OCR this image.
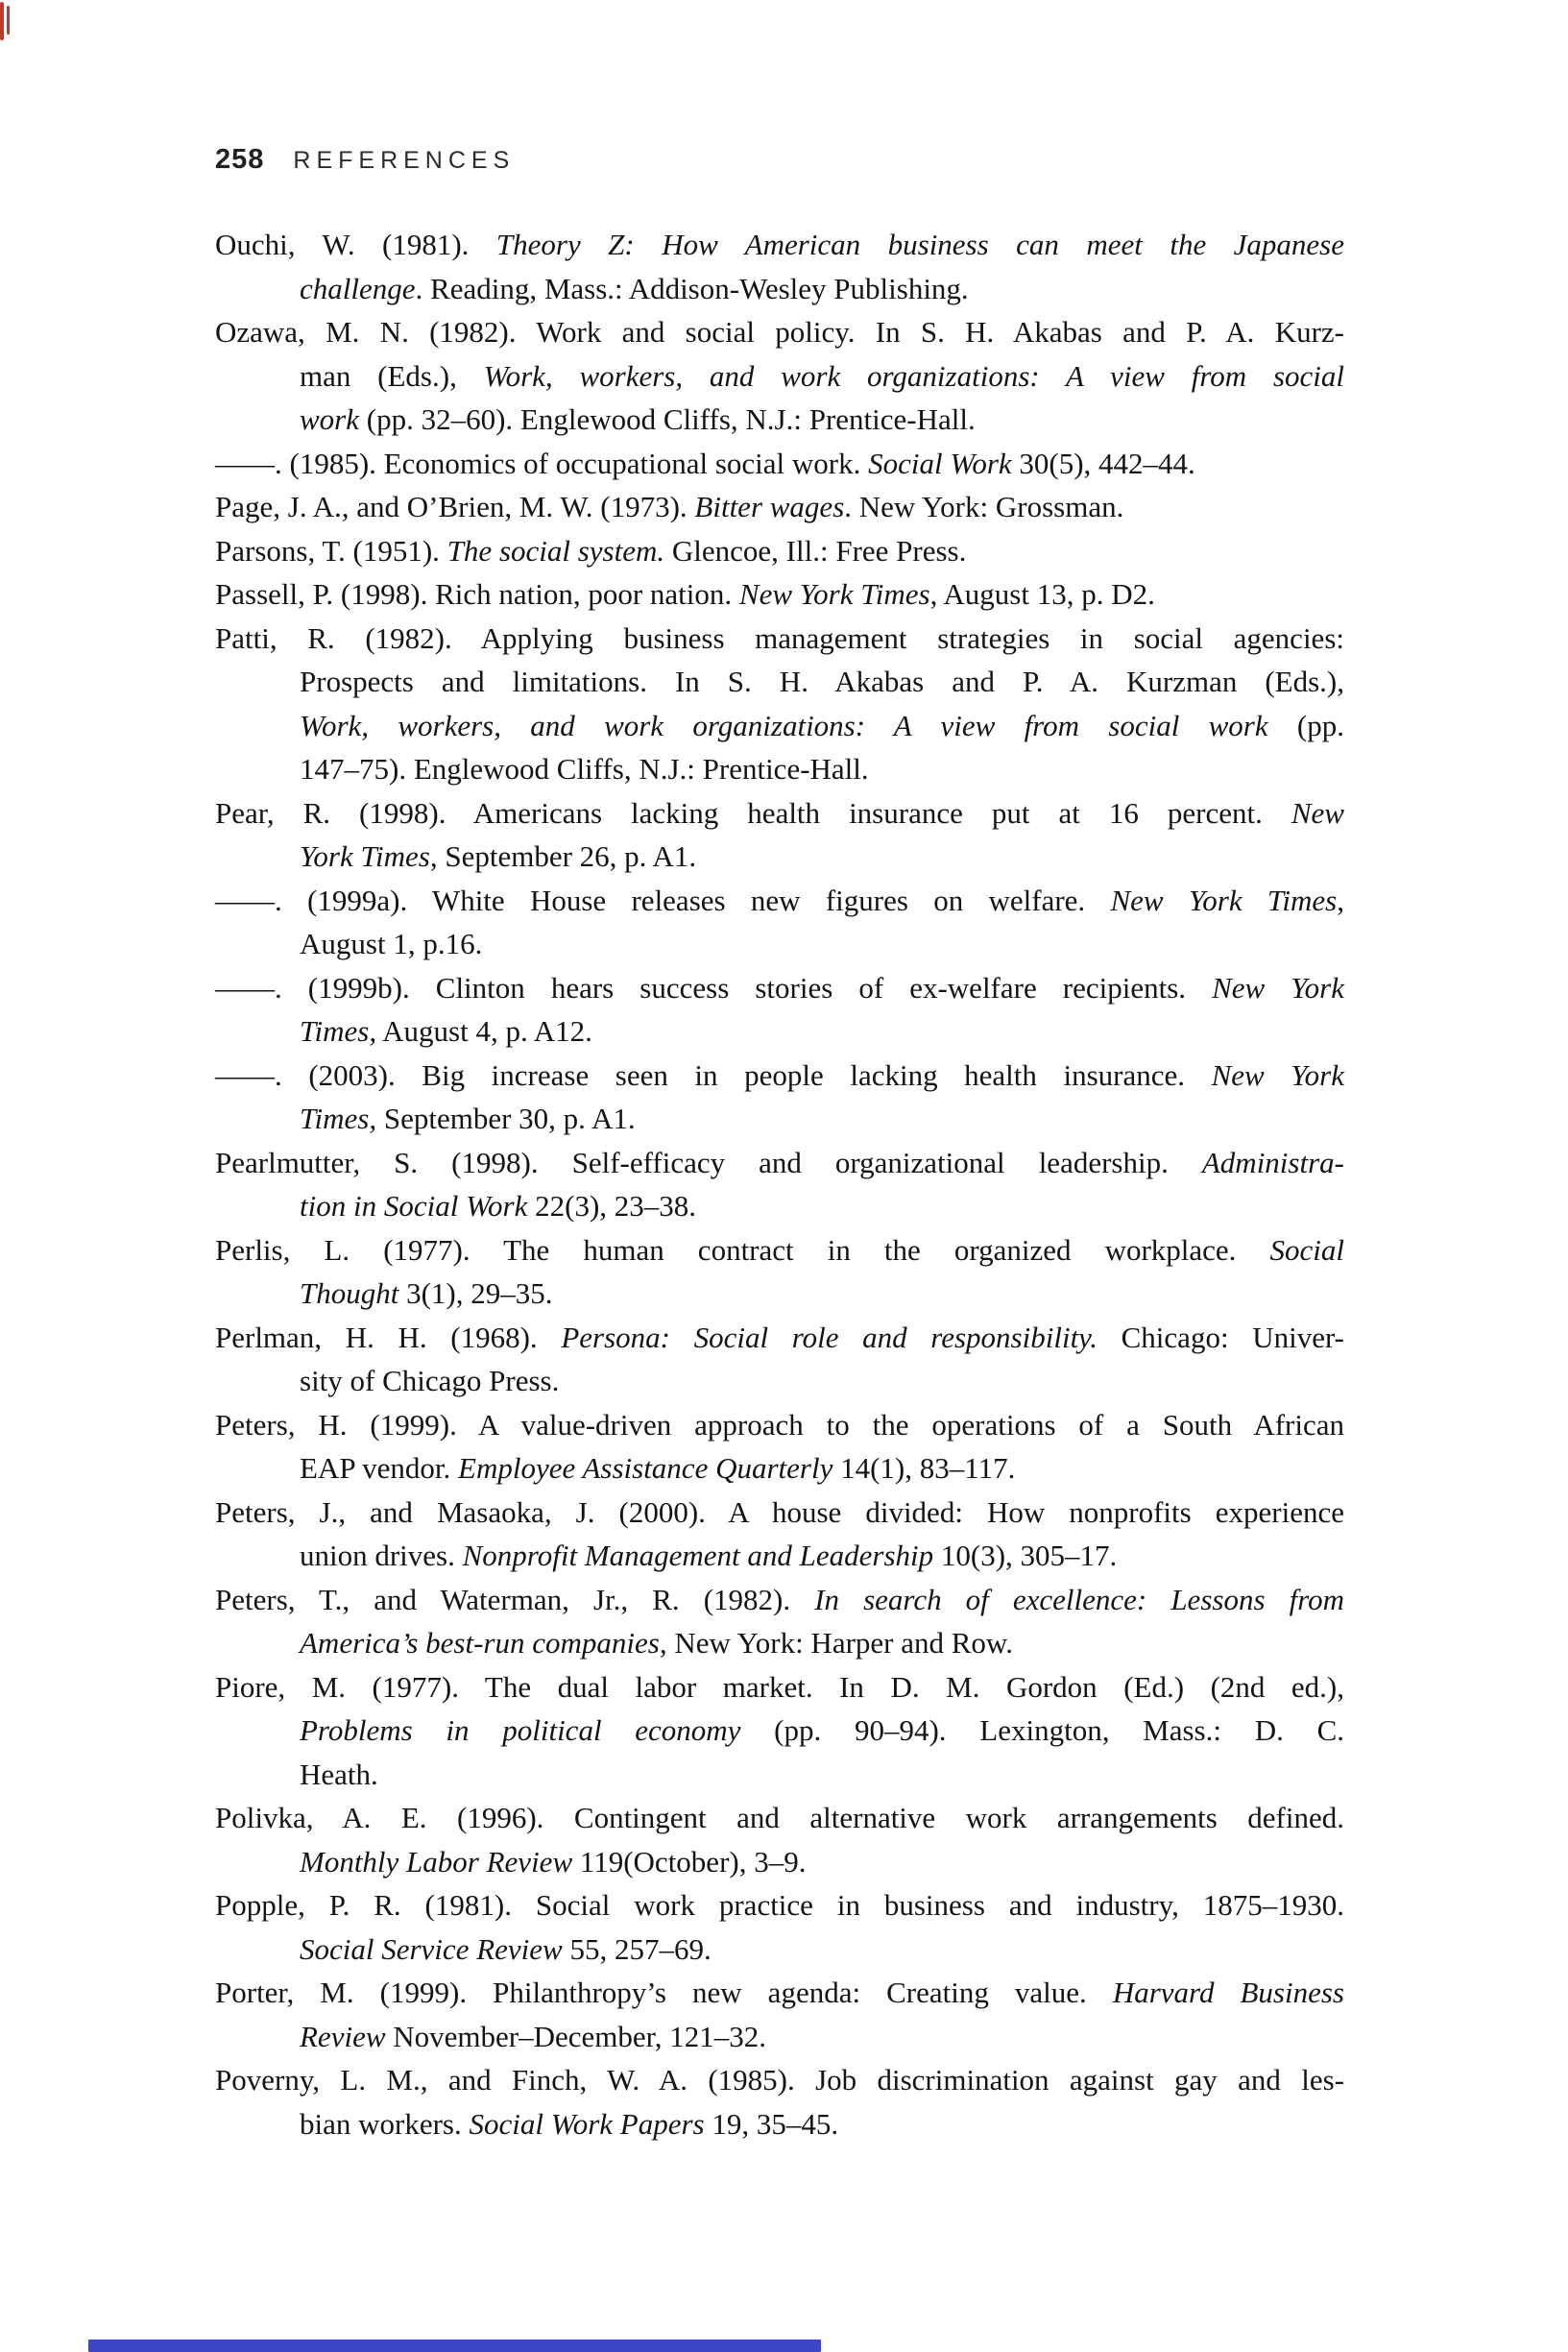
258 REFERENCES
Ouchi, W. (1981). Theory Z: How American business can meet the Japanese
challenge. Reading, Mass.: Addison-Wesley Publishing.
Ozawa, M. N. (1982). Work and social policy. In S. H. Akabas and P. A. Kurz-
man (Eds.), Work, workers, and work organizations: A view from social
work (pp. 32–60). Englewood Cliffs, N.J.: Prentice-Hall.
——. (1985). Economics of occupational social work. Social Work 30(5), 442–44.
Page, J. A., and O’Brien, M. W. (1973). Bitter wages. New York: Grossman.
Parsons, T. (1951). The social system. Glencoe, Ill.: Free Press.
Passell, P. (1998). Rich nation, poor nation. New York Times, August 13, p. D2.
Patti, R. (1982). Applying business management strategies in social agencies:
Prospects and limitations. In S. H. Akabas and P. A. Kurzman (Eds.),
Work, workers, and work organizations: A view from social work (pp.
147–75). Englewood Cliffs, N.J.: Prentice-Hall.
Pear, R. (1998). Americans lacking health insurance put at 16 percent. New
York Times, September 26, p. A1.
——. (1999a). White House releases new figures on welfare. New York Times,
August 1, p.16.
——. (1999b). Clinton hears success stories of ex-welfare recipients. New York
Times, August 4, p. A12.
——. (2003). Big increase seen in people lacking health insurance. New York
Times, September 30, p. A1.
Pearlmutter, S. (1998). Self-efficacy and organizational leadership. Administra-
tion in Social Work 22(3), 23–38.
Perlis, L. (1977). The human contract in the organized workplace. Social
Thought 3(1), 29–35.
Perlman, H. H. (1968). Persona: Social role and responsibility. Chicago: Univer-
sity of Chicago Press.
Peters, H. (1999). A value-driven approach to the operations of a South African
EAP vendor. Employee Assistance Quarterly 14(1), 83–117.
Peters, J., and Masaoka, J. (2000). A house divided: How nonprofits experience
union drives. Nonprofit Management and Leadership 10(3), 305–17.
Peters, T., and Waterman, Jr., R. (1982). In search of excellence: Lessons from
America’s best-run companies, New York: Harper and Row.
Piore, M. (1977). The dual labor market. In D. M. Gordon (Ed.) (2nd ed.),
Problems in political economy (pp. 90–94). Lexington, Mass.: D. C.
Heath.
Polivka, A. E. (1996). Contingent and alternative work arrangements defined.
Monthly Labor Review 119(October), 3–9.
Popple, P. R. (1981). Social work practice in business and industry, 1875–1930.
Social Service Review 55, 257–69.
Porter, M. (1999). Philanthropy’s new agenda: Creating value. Harvard Business
Review November–December, 121–32.
Poverny, L. M., and Finch, W. A. (1985). Job discrimination against gay and les-
bian workers. Social Work Papers 19, 35–45.
